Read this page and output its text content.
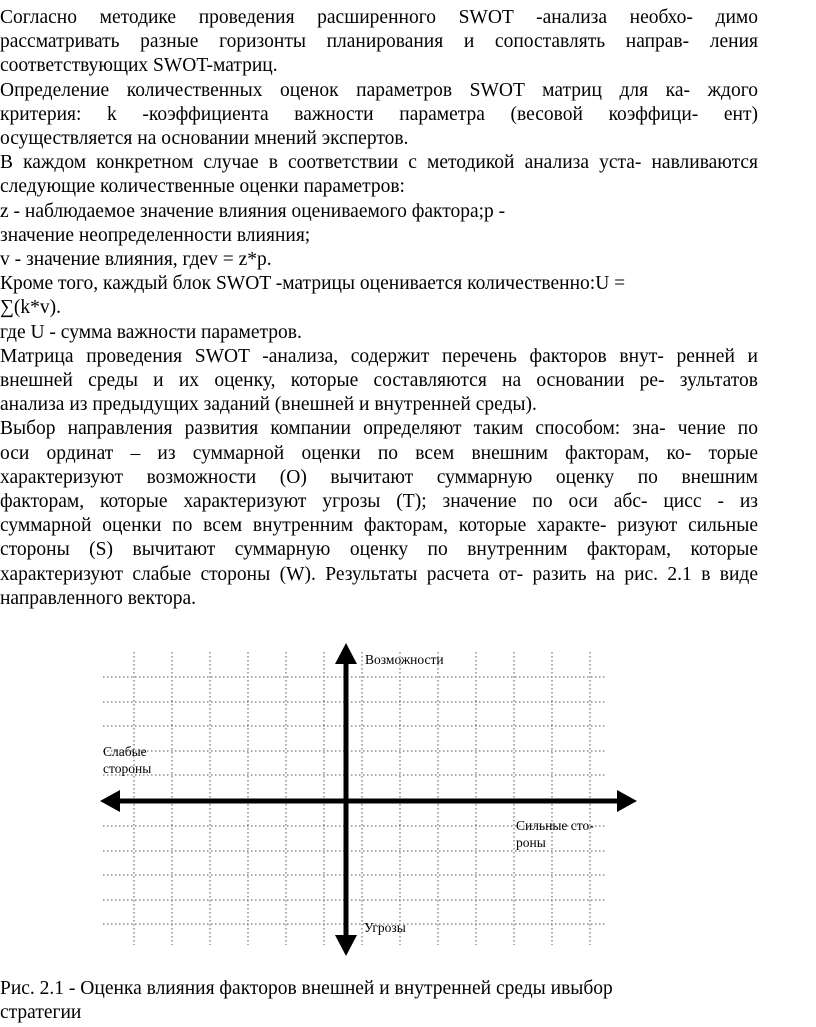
Согласно методике проведения расширенного SWOT -анализа необхо- димо

рассматривать разные горизонты планирования и сопоставлять направ- ления

соответствующих SWOT-матриц.

Определение количественных оценок параметров SWOT матриц для ка- ждого

критерия: k -коэффициента важности параметра (весовой коэффици- ент)

осуществляется на основании мнений экспертов.

В каждом конкретном случае в соответствии с методикой анализа уста- навливаются

следующие количественные оценки параметров:

z - наблюдаемое значение влияния оцениваемого фактора;p -

значение неопределенности влияния;

v - значение влияния, гдеv = z*p.

Кроме того, каждый блок SWOT -матрицы оценивается количественно:U =

∑(k*v).

где U - сумма важности параметров.

Матрица проведения SWOT -анализа, содержит перечень факторов внут- ренней и

внешней среды и их оценку, которые составляются на основании ре- зультатов

анализа из предыдущих заданий (внешней и внутренней среды).

Выбор направления развития компании определяют таким способом: зна- чение по

оси ординат – из суммарной оценки по всем внешним факторам, ко- торые

характеризуют возможности (O) вычитают суммарную оценку по внешним

факторам, которые характеризуют угрозы (T); значение по оси абс- цисс - из

суммарной оценки по всем внутренним факторам, которые характе- ризуют сильные

стороны (S) вычитают суммарную оценку по внутренним факторам, которые

характеризуют слабые стороны (W). Результаты расчета от- разить на рис. 2.1 в виде

направленного вектора.

Возможности
Слабые
стороны
Сильные сто-
роны
Угрозы

Рис. 2.1 - Оценка влияния факторов внешней и внутренней среды ивыбор

стратегии
